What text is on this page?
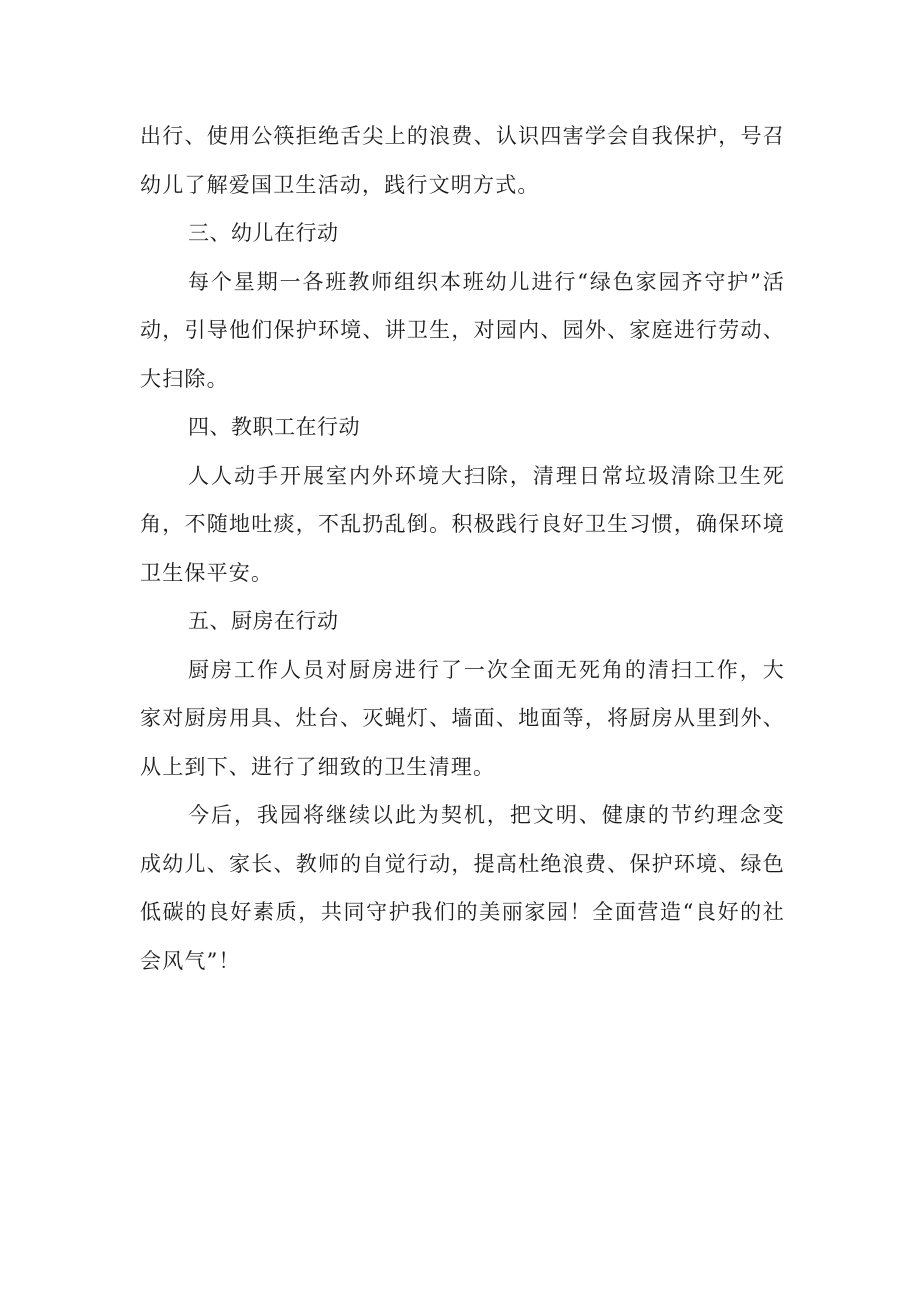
出行、使用公筷拒绝舌尖上的浪费、认识四害学会自我保护，号召幼儿了解爱国卫生活动，践行文明方式。

三、幼儿在行动

每个星期一各班教师组织本班幼儿进行“绿色家园齐守护”活动，引导他们保护环境、讲卫生，对园内、园外、家庭进行劳动、大扫除。

四、教职工在行动

人人动手开展室内外环境大扫除，清理日常垃圾清除卫生死角，不随地吐痰，不乱扔乱倒。积极践行良好卫生习惯，确保环境卫生保平安。

五、厨房在行动

厨房工作人员对厨房进行了一次全面无死角的清扫工作，大家对厨房用具、灶台、灭蝇灯、墙面、地面等，将厨房从里到外、从上到下、进行了细致的卫生清理。

今后，我园将继续以此为契机，把文明、健康的节约理念变成幼儿、家长、教师的自觉行动，提高杜绝浪费、保护环境、绿色低碳的良好素质，共同守护我们的美丽家园！全面营造“良好的社会风气”！
